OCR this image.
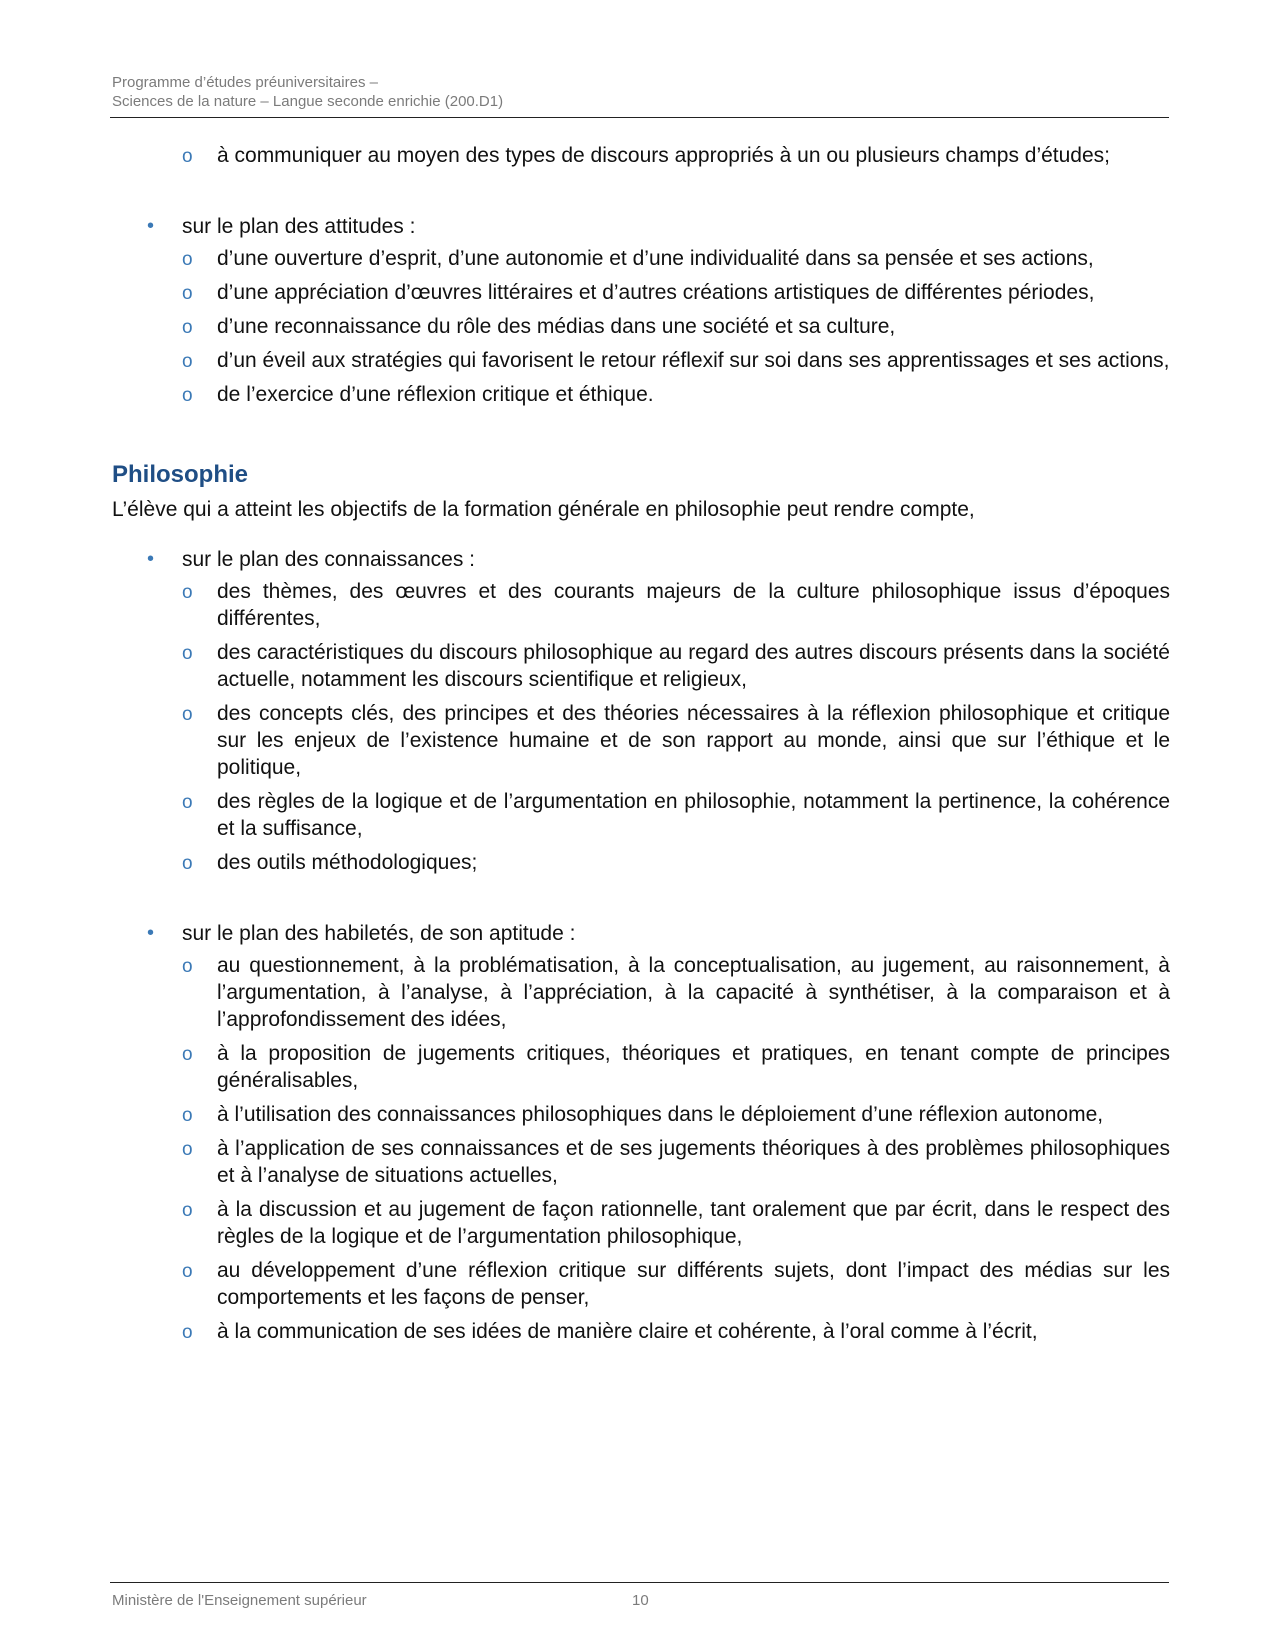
Programme d’études préuniversitaires –
Sciences de la nature – Langue seconde enrichie (200.D1)
o à communiquer au moyen des types de discours appropriés à un ou plusieurs champs d’études;
• sur le plan des attitudes :
o d’une ouverture d’esprit, d’une autonomie et d’une individualité dans sa pensée et ses actions,
o d’une appréciation d’œuvres littéraires et d’autres créations artistiques de différentes périodes,
o d’une reconnaissance du rôle des médias dans une société et sa culture,
o d’un éveil aux stratégies qui favorisent le retour réflexif sur soi dans ses apprentissages et ses actions,
o de l’exercice d’une réflexion critique et éthique.
Philosophie

L’élève qui a atteint les objectifs de la formation générale en philosophie peut rendre compte,

• sur le plan des connaissances :
o des thèmes, des œuvres et des courants majeurs de la culture philosophique issus d’époques différentes,
o des caractéristiques du discours philosophique au regard des autres discours présents dans la société actuelle, notamment les discours scientifique et religieux,
o des concepts clés, des principes et des théories nécessaires à la réflexion philosophique et critique sur les enjeux de l’existence humaine et de son rapport au monde, ainsi que sur l’éthique et le politique,
o des règles de la logique et de l’argumentation en philosophie, notamment la pertinence, la cohérence et la suffisance,
o des outils méthodologiques;
• sur le plan des habiletés, de son aptitude :
o au questionnement, à la problématisation, à la conceptualisation, au jugement, au raisonnement, à l’argumentation, à l’analyse, à l’appréciation, à la capacité à synthétiser, à la comparaison et à l’approfondissement des idées,
o à la proposition de jugements critiques, théoriques et pratiques, en tenant compte de principes généralisables,
o à l’utilisation des connaissances philosophiques dans le déploiement d’une réflexion autonome,
o à l’application de ses connaissances et de ses jugements théoriques à des problèmes philosophiques et à l’analyse de situations actuelles,
o à la discussion et au jugement de façon rationnelle, tant oralement que par écrit, dans le respect des règles de la logique et de l’argumentation philosophique,
o au développement d’une réflexion critique sur différents sujets, dont l’impact des médias sur les comportements et les façons de penser,
o à la communication de ses idées de manière claire et cohérente, à l’oral comme à l’écrit,
Ministère de l'Enseignement supérieur	10
